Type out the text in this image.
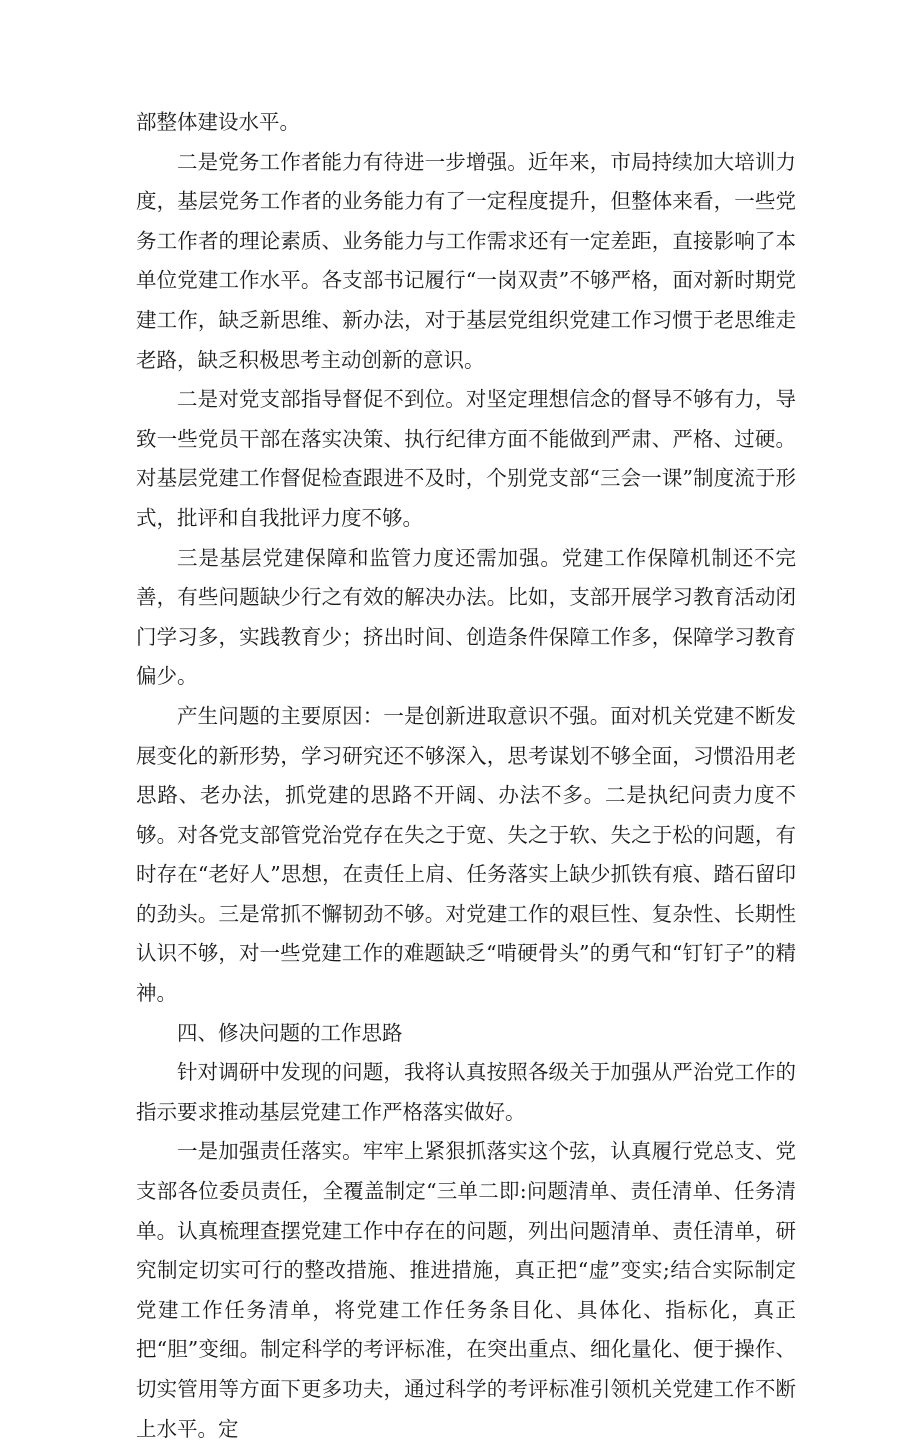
部整体建设水平。

二是党务工作者能力有待进一步增强。近年来，市局持续加大培训力度，基层党务工作者的业务能力有了一定程度提升，但整体来看，一些党务工作者的理论素质、业务能力与工作需求还有一定差距，直接影响了本单位党建工作水平。各支部书记履行“一岗双责”不够严格，面对新时期党建工作，缺乏新思维、新办法，对于基层党组织党建工作习惯于老思维走老路，缺乏积极思考主动创新的意识。

二是对党支部指导督促不到位。对坚定理想信念的督导不够有力，导致一些党员干部在落实决策、执行纪律方面不能做到严肃、严格、过硬。对基层党建工作督促检查跟进不及时，个别党支部“三会一课”制度流于形式，批评和自我批评力度不够。

三是基层党建保障和监管力度还需加强。党建工作保障机制还不完善，有些问题缺少行之有效的解决办法。比如，支部开展学习教育活动闭门学习多，实践教育少；挤出时间、创造条件保障工作多，保障学习教育偏少。

产生问题的主要原因：一是创新进取意识不强。面对机关党建不断发展变化的新形势，学习研究还不够深入，思考谋划不够全面，习惯沿用老思路、老办法，抓党建的思路不开阔、办法不多。二是执纪问责力度不够。对各党支部管党治党存在失之于宽、失之于软、失之于松的问题，有时存在“老好人”思想，在责任上肩、任务落实上缺少抓铁有痕、踏石留印的劲头。三是常抓不懈韧劲不够。对党建工作的艰巨性、复杂性、长期性认识不够，对一些党建工作的难题缺乏“啃硬骨头”的勇气和“钉钉子”的精神。

四、修决问题的工作思路

针对调研中发现的问题，我将认真按照各级关于加强从严治党工作的指示要求推动基层党建工作严格落实做好。

一是加强责任落实。牢牢上紧狠抓落实这个弦，认真履行党总支、党支部各位委员责任，全覆盖制定“三单二即:问题清单、责任清单、任务清单。认真梳理查摆党建工作中存在的问题，列出问题清单、责任清单，研究制定切实可行的整改措施、推进措施，真正把“虚”变实;结合实际制定党建工作任务清单，将党建工作任务条目化、具体化、指标化，真正把“胆”变细。制定科学的考评标准，在突出重点、细化量化、便于操作、切实管用等方面下更多功夫，通过科学的考评标准引领机关党建工作不断上水平。定
